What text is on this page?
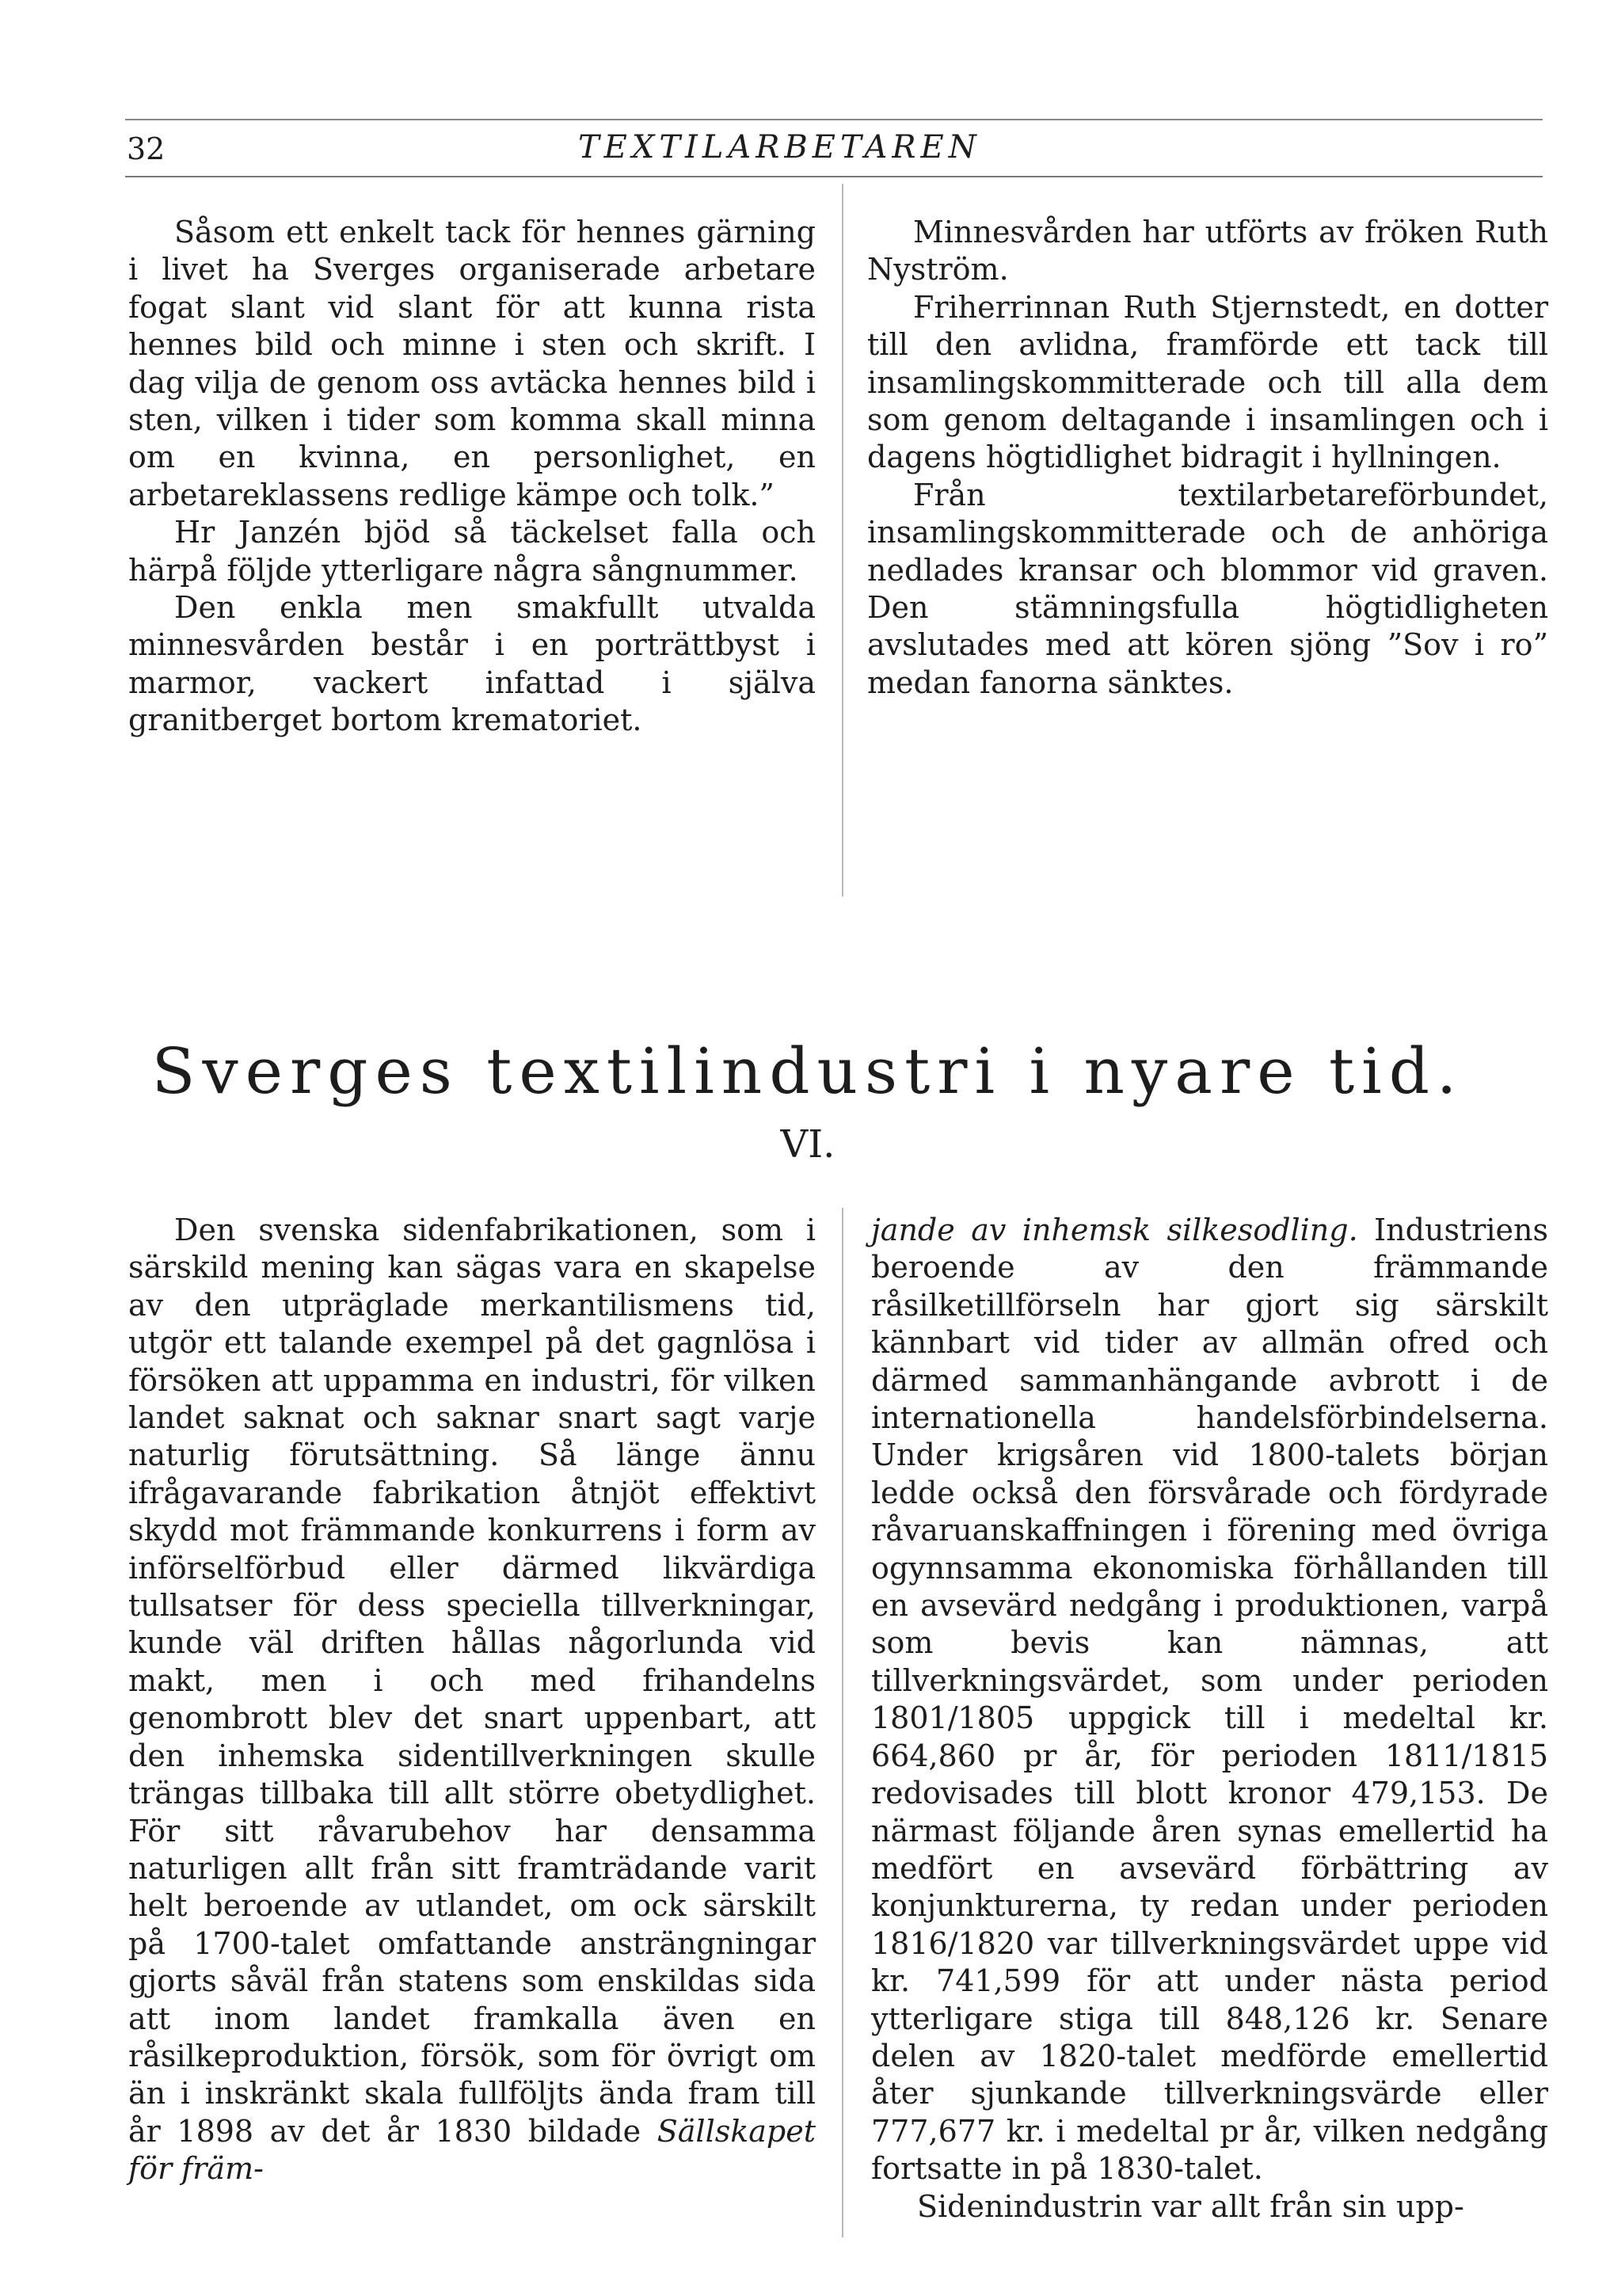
32	TEXTILARBETAREN

Såsom ett enkelt tack för hennes gärning i livet ha Sverges organiserade arbetare fogat slant vid slant för att kunna rista hennes bild och minne i sten och skrift. I dag vilja de genom oss avtäcka hennes bild i sten, vilken i tider som komma skall minna om en kvinna, en personlighet, en arbetareklassens redlige kämpe och tolk.”

Hr Janzén bjöd så täckelset falla och härpå följde ytterligare några sångnummer.

Den enkla men smakfullt utvalda minnesvården består i en porträttbyst i marmor, vackert infattad i själva granitberget bortom krematoriet.

Minnesvården har utförts av fröken Ruth Nyström.

Friherrinnan Ruth Stjernstedt, en dotter till den avlidna, framförde ett tack till insamlingskommitterade och till alla dem som genom deltagande i insamlingen och i dagens högtidlighet bidragit i hyllningen.

Från textilarbetareförbundet, insamlingskommitterade och de anhöriga nedlades kransar och blommor vid graven. Den stämningsfulla högtidligheten avslutades med att kören sjöng ”Sov i ro” medan fanorna sänktes.

Sverges textilindustri i nyare tid.
VI.

Den svenska sidenfabrikationen, som i särskild mening kan sägas vara en skapelse av den utpräglade merkantilismens tid, utgör ett talande exempel på det gagnlösa i försöken att uppamma en industri, för vilken landet saknat och saknar snart sagt varje naturlig förutsättning. Så länge ännu ifrågavarande fabrikation åtnjöt effektivt skydd mot främmande konkurrens i form av införselförbud eller därmed likvärdiga tullsatser för dess speciella tillverkningar, kunde väl driften hållas någorlunda vid makt, men i och med frihandelns genombrott blev det snart uppenbart, att den inhemska sidentillverkningen skulle trängas tillbaka till allt större obetydlighet. För sitt råvarubehov har densamma naturligen allt från sitt framträdande varit helt beroende av utlandet, om ock särskilt på 1700-talet omfattande ansträngningar gjorts såväl från statens som enskildas sida att inom landet framkalla även en råsilkeproduktion, försök, som för övrigt om än i inskränkt skala fullföljts ända fram till år 1898 av det år 1830 bildade Sällskapet för främ-

jande av inhemsk silkesodling. Industriens beroende av den främmande råsilketillförseln har gjort sig särskilt kännbart vid tider av allmän ofred och därmed sammanhängande avbrott i de internationella handelsförbindelserna. Under krigsåren vid 1800-talets början ledde också den försvårade och fördyrade råvaruanskaffningen i förening med övriga ogynnsamma ekonomiska förhållanden till en avsevärd nedgång i produktionen, varpå som bevis kan nämnas, att tillverkningsvärdet, som under perioden 1801/1805 uppgick till i medeltal kr. 664,860 pr år, för perioden 1811/1815 redovisades till blott kronor 479,153. De närmast följande åren synas emellertid ha medfört en avsevärd förbättring av konjunkturerna, ty redan under perioden 1816/1820 var tillverkningsvärdet uppe vid kr. 741,599 för att under nästa period ytterligare stiga till 848,126 kr. Senare delen av 1820-talet medförde emellertid åter sjunkande tillverkningsvärde eller 777,677 kr. i medeltal pr år, vilken nedgång fortsatte in på 1830-talet.

Sidenindustrin var allt från sin upp-
